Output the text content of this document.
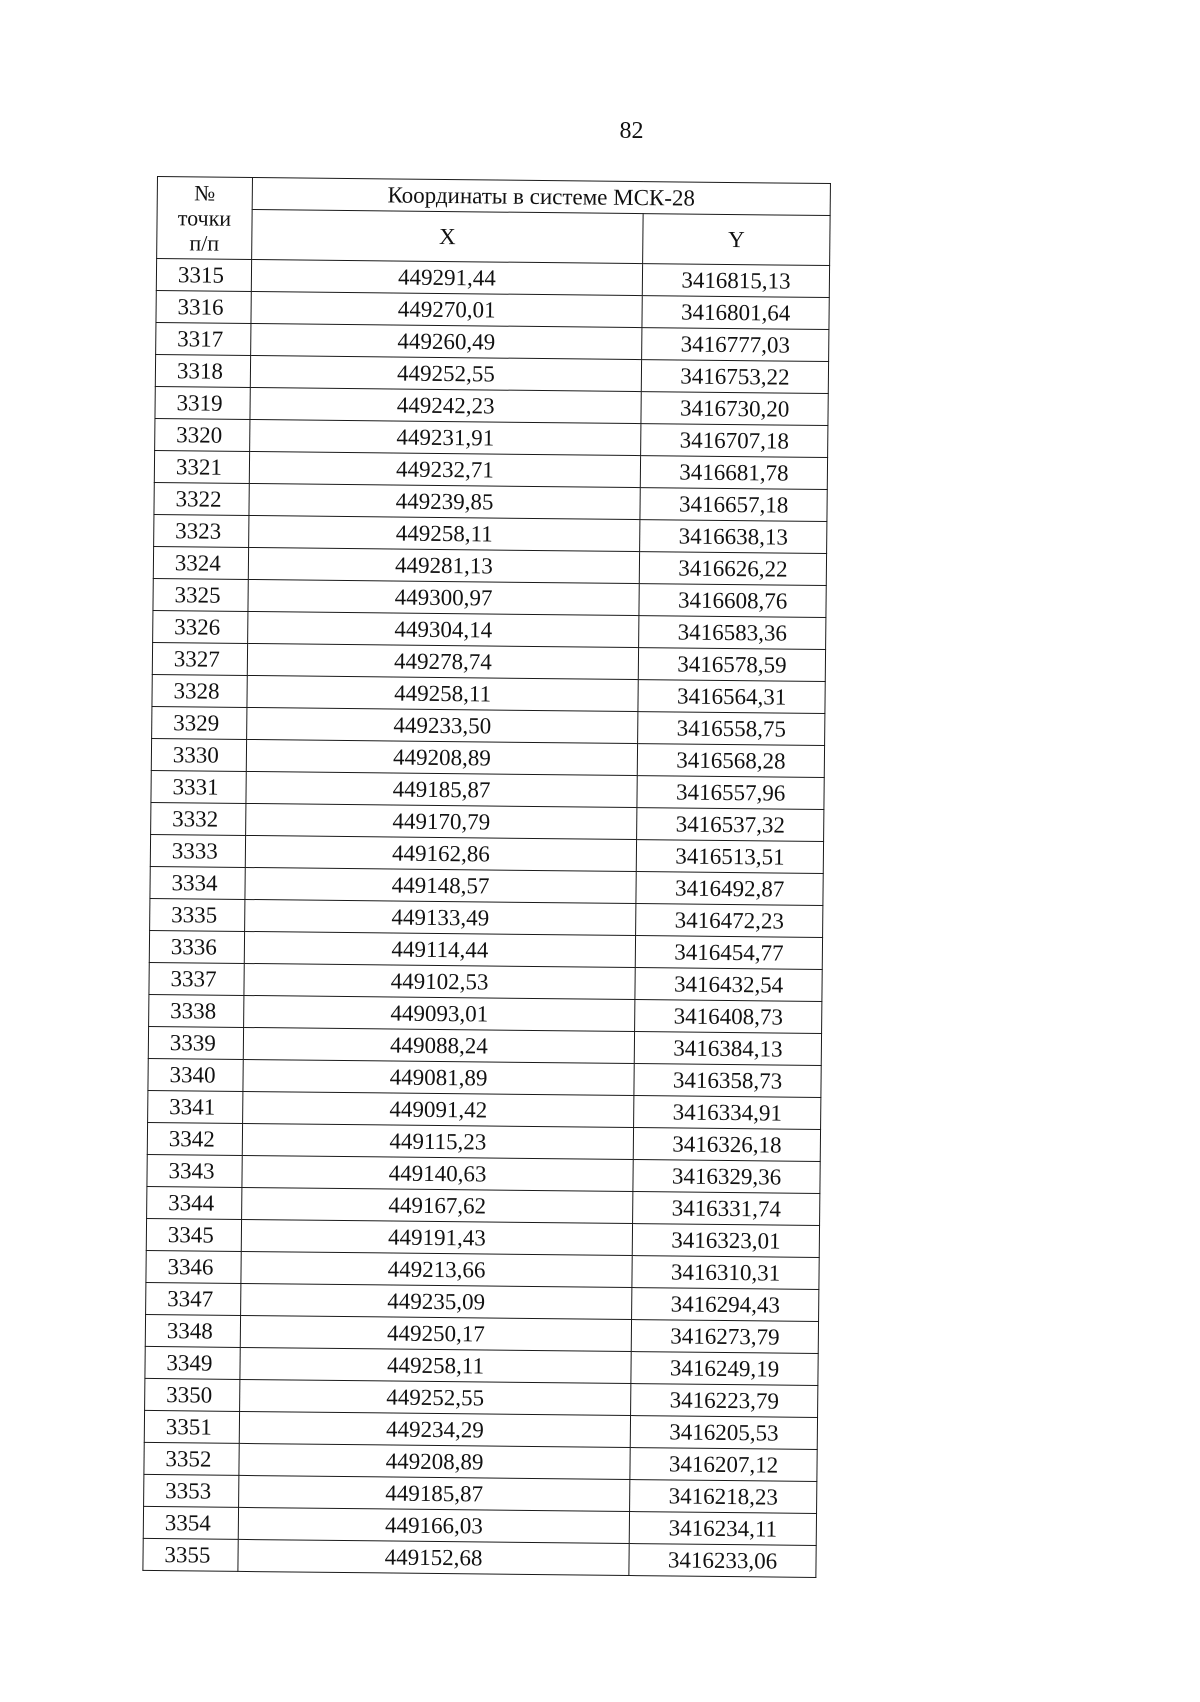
82
№
точки
п/п	Координаты в системе МСК-28	
	X	Y
3315	449291,44	3416815,13
3316	449270,01	3416801,64
3317	449260,49	3416777,03
3318	449252,55	3416753,22
3319	449242,23	3416730,20
3320	449231,91	3416707,18
3321	449232,71	3416681,78
3322	449239,85	3416657,18
3323	449258,11	3416638,13
3324	449281,13	3416626,22
3325	449300,97	3416608,76
3326	449304,14	3416583,36
3327	449278,74	3416578,59
3328	449258,11	3416564,31
3329	449233,50	3416558,75
3330	449208,89	3416568,28
3331	449185,87	3416557,96
3332	449170,79	3416537,32
3333	449162,86	3416513,51
3334	449148,57	3416492,87
3335	449133,49	3416472,23
3336	449114,44	3416454,77
3337	449102,53	3416432,54
3338	449093,01	3416408,73
3339	449088,24	3416384,13
3340	449081,89	3416358,73
3341	449091,42	3416334,91
3342	449115,23	3416326,18
3343	449140,63	3416329,36
3344	449167,62	3416331,74
3345	449191,43	3416323,01
3346	449213,66	3416310,31
3347	449235,09	3416294,43
3348	449250,17	3416273,79
3349	449258,11	3416249,19
3350	449252,55	3416223,79
3351	449234,29	3416205,53
3352	449208,89	3416207,12
3353	449185,87	3416218,23
3354	449166,03	3416234,11
3355	449152,68	3416233,06
